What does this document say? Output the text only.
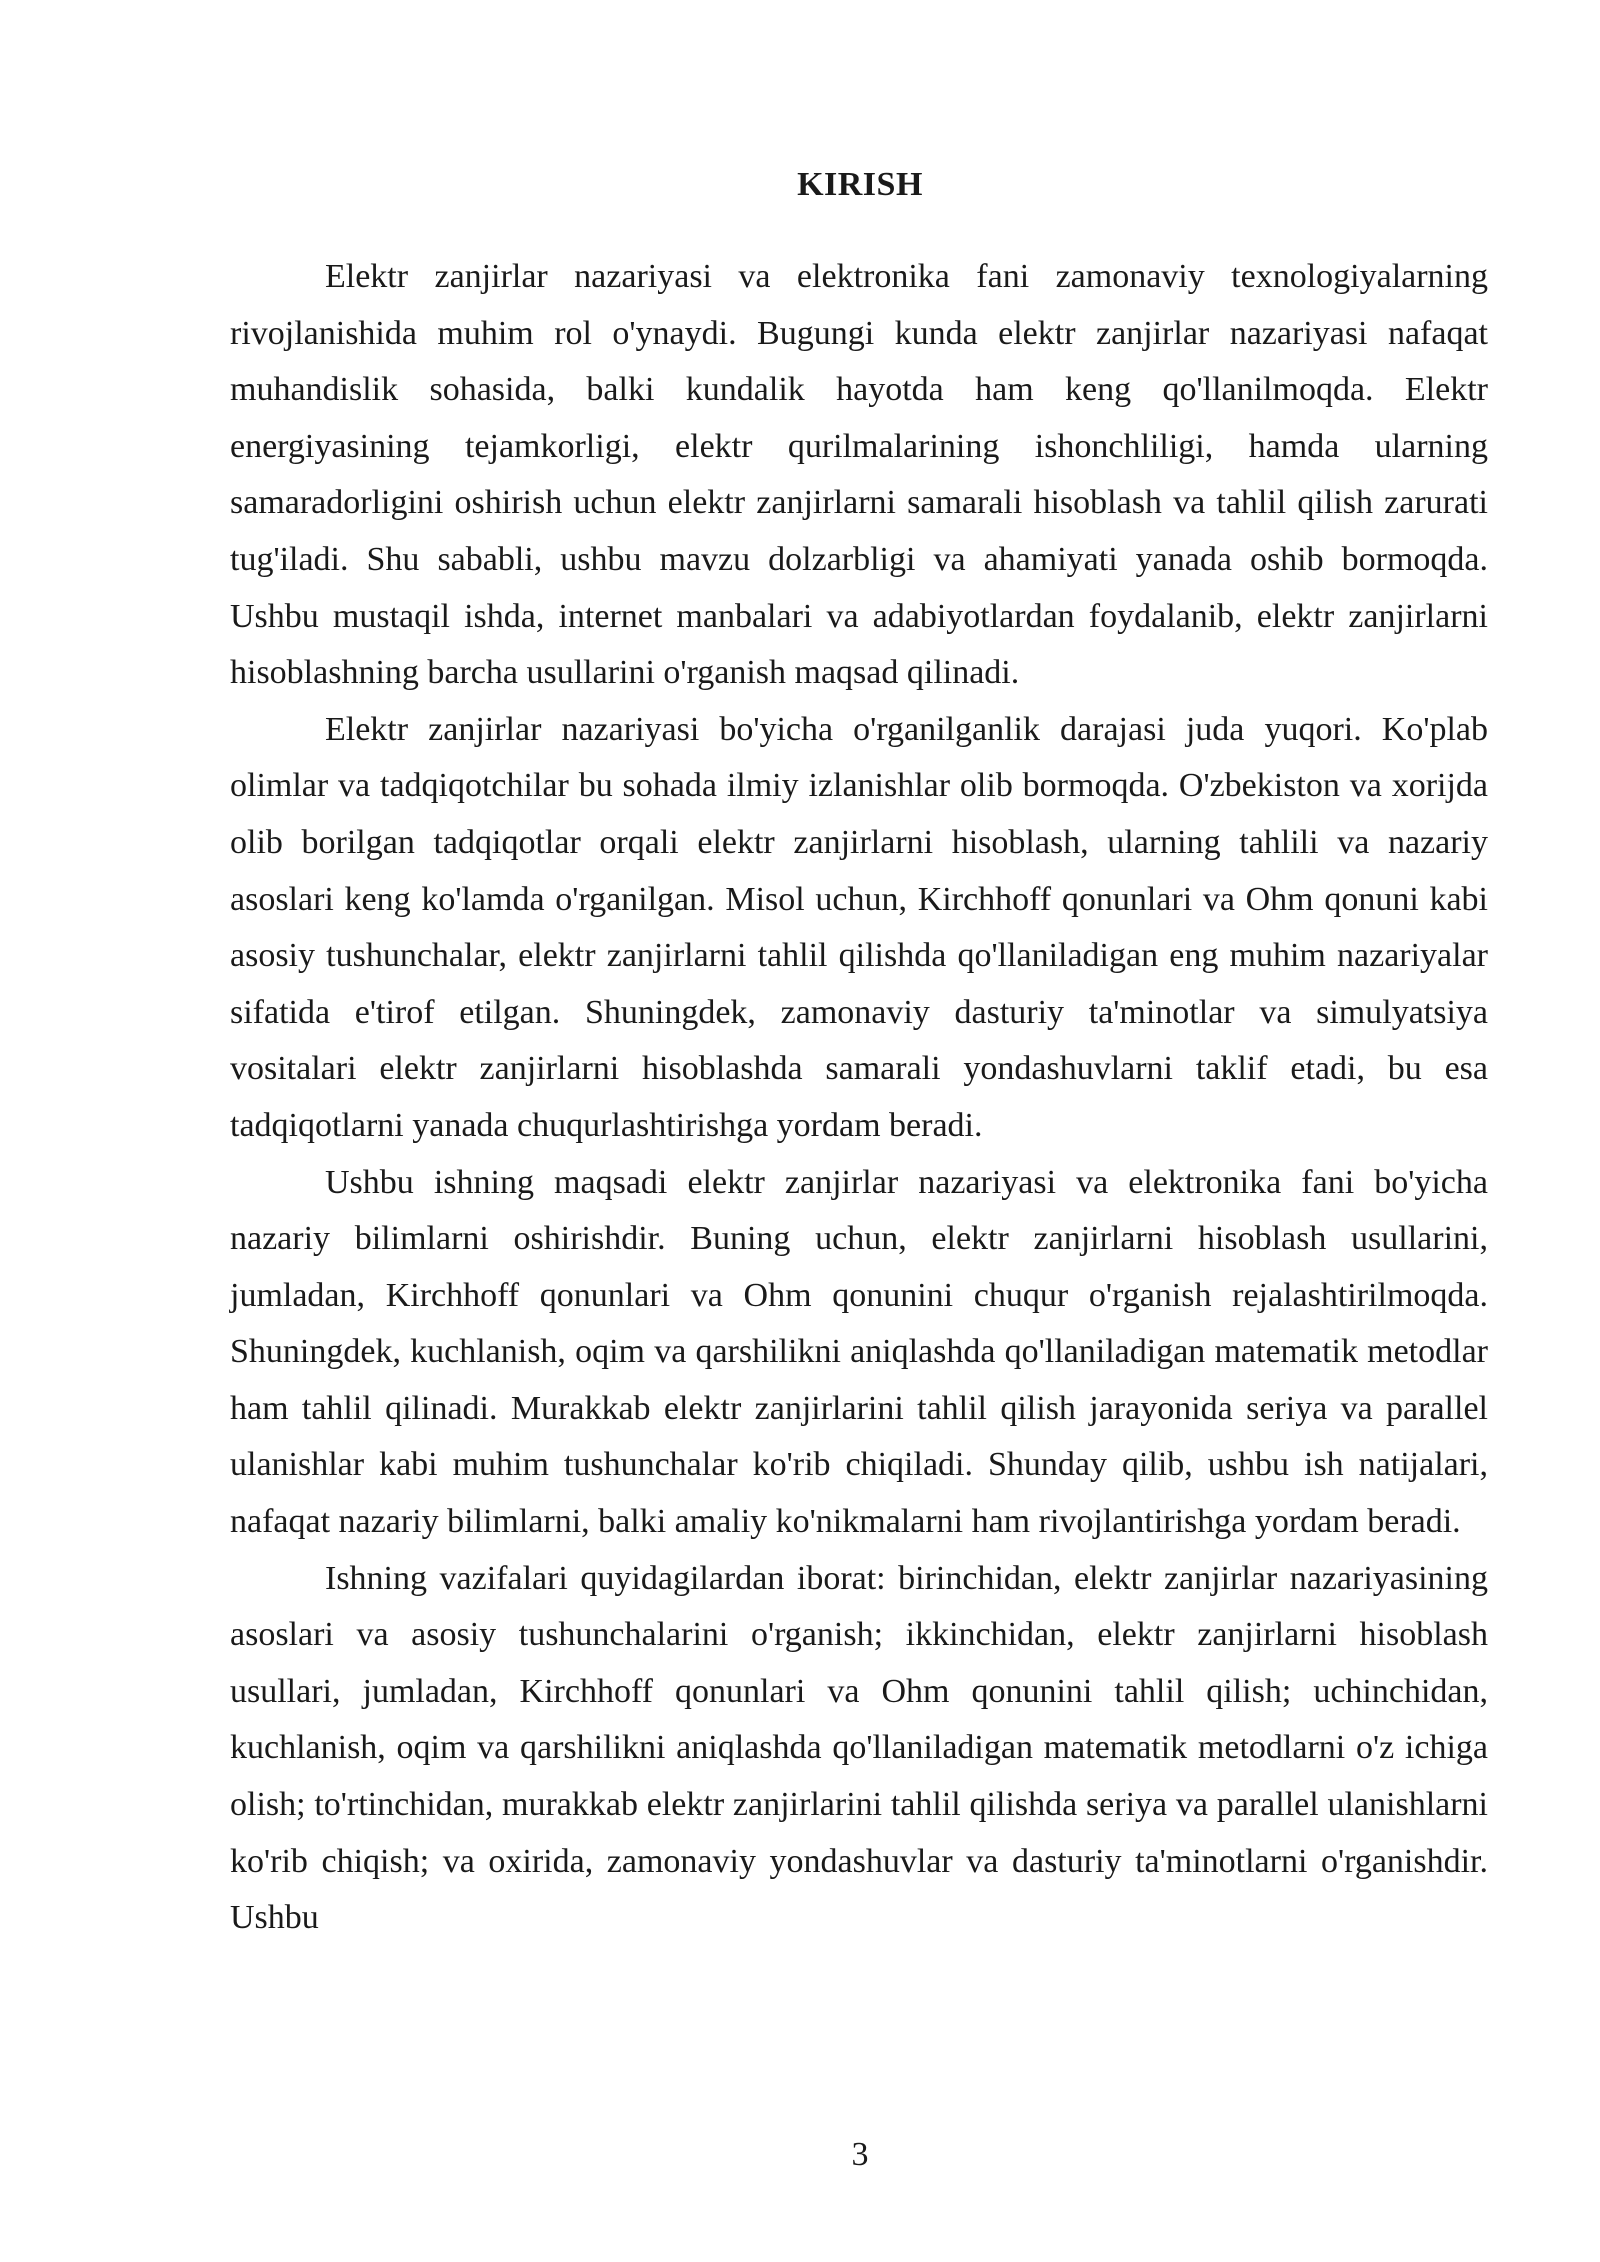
KIRISH

Elektr zanjirlar nazariyasi va elektronika fani zamonaviy texnologiyalarning rivojlanishida muhim rol o'ynaydi. Bugungi kunda elektr zanjirlar nazariyasi nafaqat muhandislik sohasida, balki kundalik hayotda ham keng qo'llanilmoqda. Elektr energiyasining tejamkorligi, elektr qurilmalarining ishonchliligi, hamda ularning samaradorligini oshirish uchun elektr zanjirlarni samarali hisoblash va tahlil qilish zarurati tug'iladi. Shu sababli, ushbu mavzu dolzarbligi va ahamiyati yanada oshib bormoqda. Ushbu mustaqil ishda, internet manbalari va adabiyotlardan foydalanib, elektr zanjirlarni hisoblashning barcha usullarini o'rganish maqsad qilinadi.

Elektr zanjirlar nazariyasi bo'yicha o'rganilganlik darajasi juda yuqori. Ko'plab olimlar va tadqiqotchilar bu sohada ilmiy izlanishlar olib bormoqda. O'zbekiston va xorijda olib borilgan tadqiqotlar orqali elektr zanjirlarni hisoblash, ularning tahlili va nazariy asoslari keng ko'lamda o'rganilgan. Misol uchun, Kirchhoff qonunlari va Ohm qonuni kabi asosiy tushunchalar, elektr zanjirlarni tahlil qilishda qo'llaniladigan eng muhim nazariyalar sifatida e'tirof etilgan. Shuningdek, zamonaviy dasturiy ta'minotlar va simulyatsiya vositalari elektr zanjirlarni hisoblashda samarali yondashuvlarni taklif etadi, bu esa tadqiqotlarni yanada chuqurlashtirishga yordam beradi.

Ushbu ishning maqsadi elektr zanjirlar nazariyasi va elektronika fani bo'yicha nazariy bilimlarni oshirishdir. Buning uchun, elektr zanjirlarni hisoblash usullarini, jumladan, Kirchhoff qonunlari va Ohm qonunini chuqur o'rganish rejalashtirilmoqda. Shuningdek, kuchlanish, oqim va qarshilikni aniqlashda qo'llaniladigan matematik metodlar ham tahlil qilinadi. Murakkab elektr zanjirlarini tahlil qilish jarayonida seriya va parallel ulanishlar kabi muhim tushunchalar ko'rib chiqiladi. Shunday qilib, ushbu ish natijalari, nafaqat nazariy bilimlarni, balki amaliy ko'nikmalarni ham rivojlantirishga yordam beradi.

Ishning vazifalari quyidagilardan iborat: birinchidan, elektr zanjirlar nazariyasining asoslari va asosiy tushunchalarini o'rganish; ikkinchidan, elektr zanjirlarni hisoblash usullari, jumladan, Kirchhoff qonunlari va Ohm qonunini tahlil qilish; uchinchidan, kuchlanish, oqim va qarshilikni aniqlashda qo'llaniladigan matematik metodlarni o'z ichiga olish; to'rtinchidan, murakkab elektr zanjirlarini tahlil qilishda seriya va parallel ulanishlarni ko'rib chiqish; va oxirida, zamonaviy yondashuvlar va dasturiy ta'minotlarni o'rganishdir. Ushbu

3
